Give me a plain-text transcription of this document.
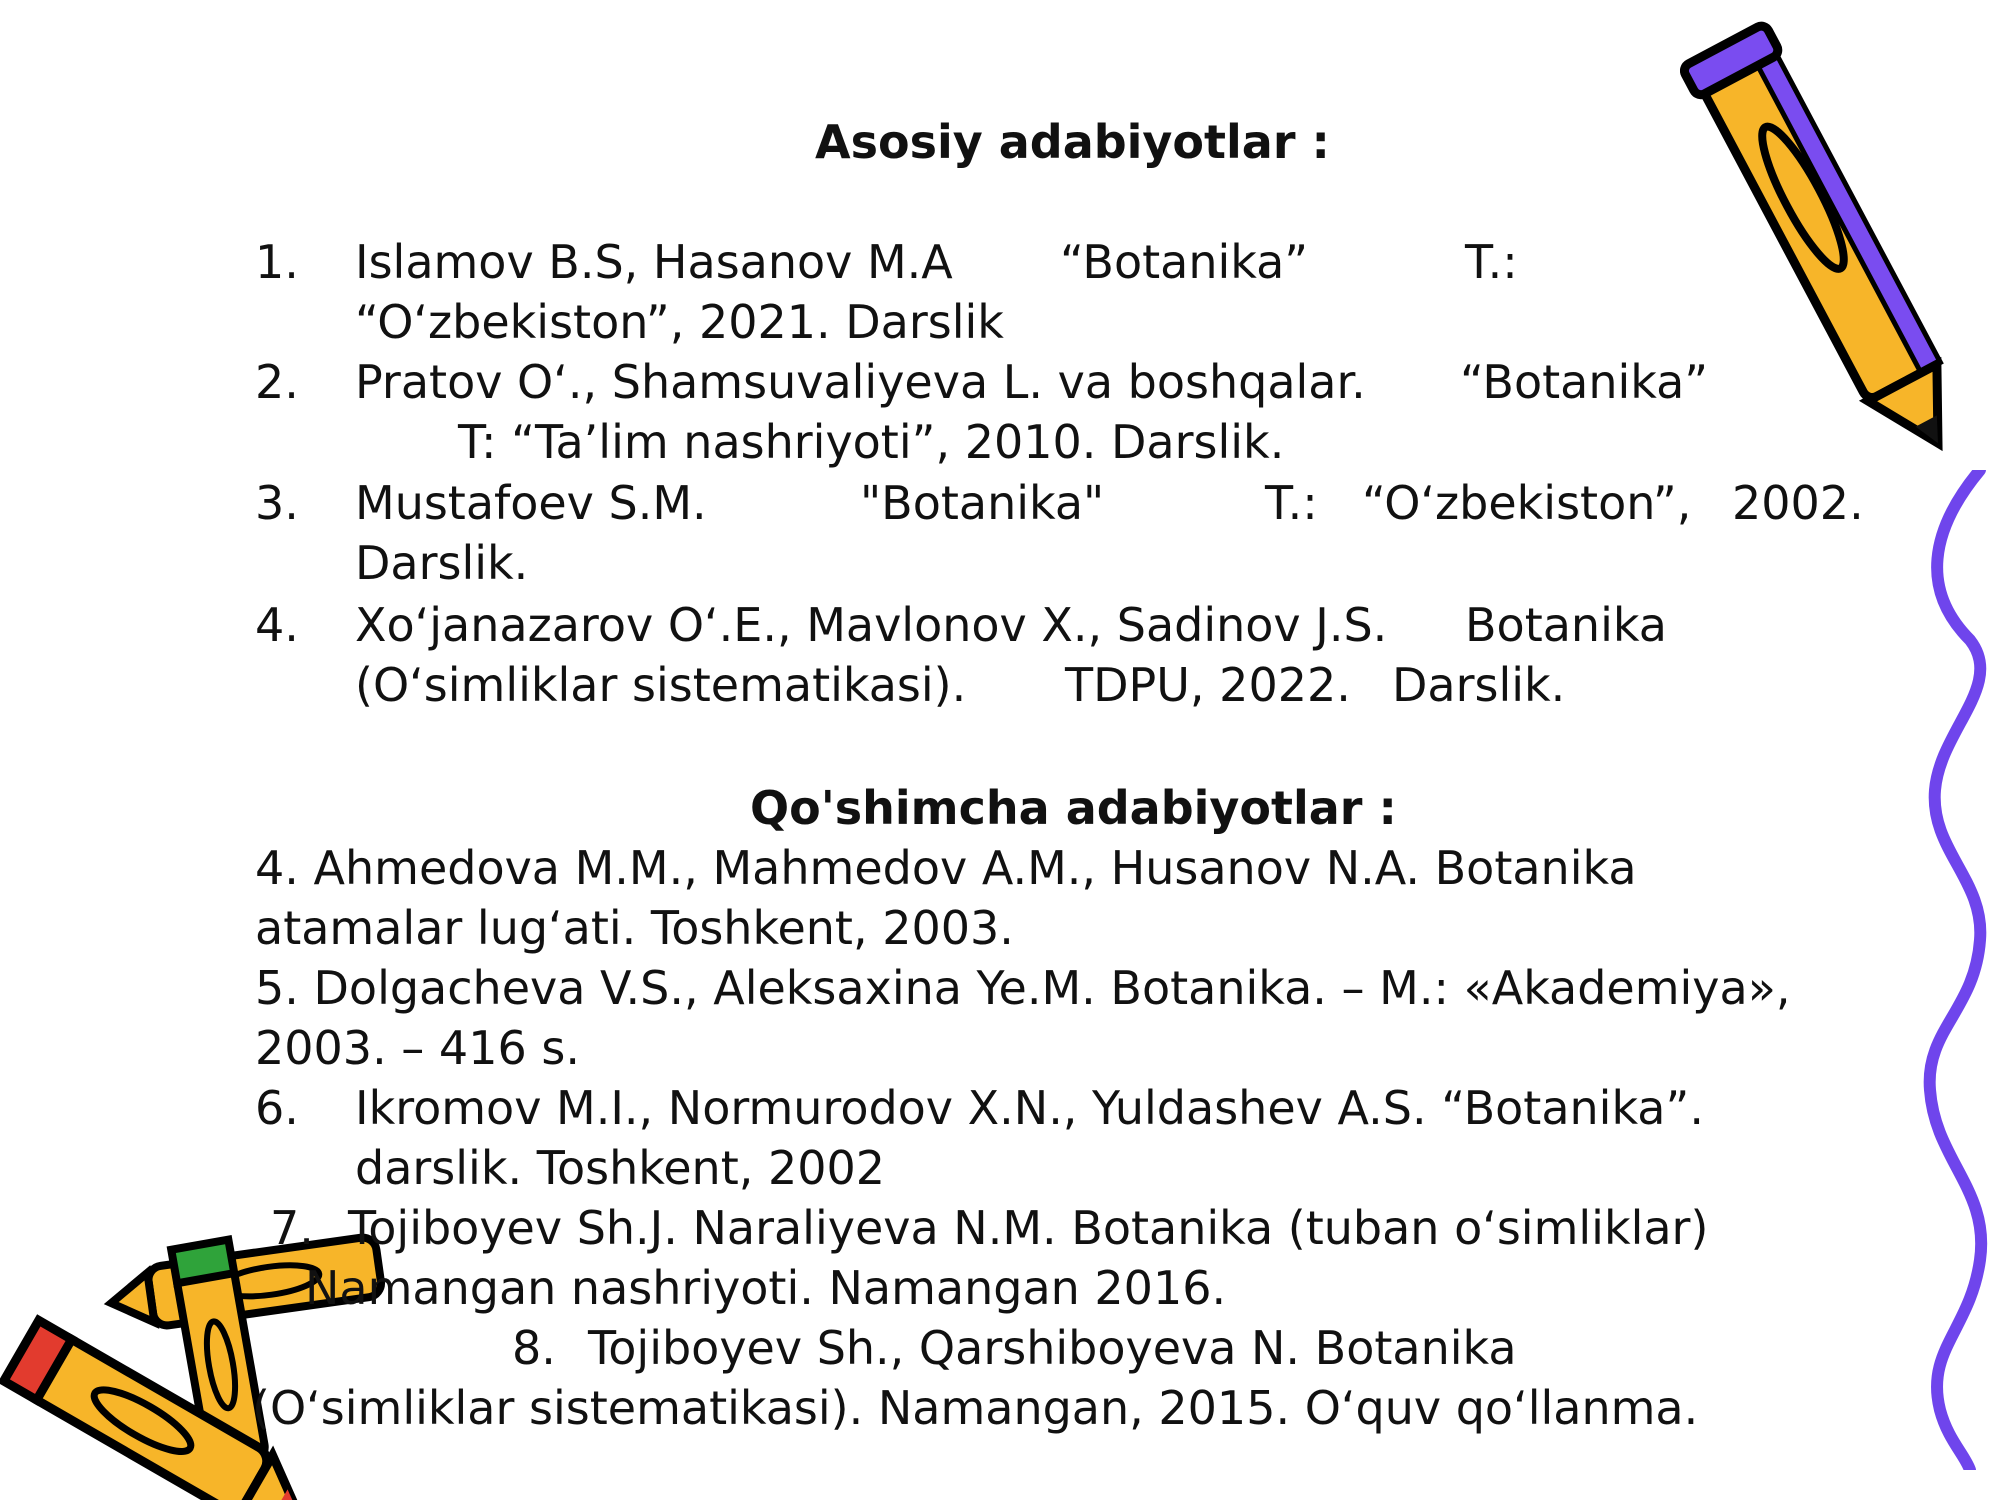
Asosiy adabiyotlar :
1. Islamov B.S, Hasanov M.A “Botanika”	T.:
“O‘zbekiston”, 2021. Darslik
2. Pratov O‘., Shamsuvaliyeva L. va boshqalar. “Botanika”
T: “Ta’lim nashriyoti”, 2010. Darslik.
3. Mustafoev S.M.	"Botanika"	T.: “O‘zbekiston”, 2002.
Darslik.
4. Xo‘janazarov O‘.E., Mavlonov X., Sadinov J.S. Botanika
(O‘simliklar sistematikasi). TDPU, 2022. Darslik.
Qo'shimcha adabiyotlar :
4. Ahmedova M.M., Mahmedov A.M., Husanov N.A. Botanika
atamalar lug‘ati. Toshkent, 2003.
5. Dolgacheva V.S., Aleksaxina Ye.M. Botanika. – M.: «Akademiya»,
2003. – 416 s.
6. Ikromov M.I., Normurodov X.N., Yuldashev A.S. “Botanika”.
darslik. Toshkent, 2002
7. Tojiboyev Sh.J. Naraliyeva N.M. Botanika (tuban o‘simliklar)
Namangan nashriyoti. Namangan 2016.
8. Tojiboyev Sh., Qarshiboyeva N. Botanika
(O‘simliklar sistematikasi). Namangan, 2015. O‘quv qo‘llanma.
